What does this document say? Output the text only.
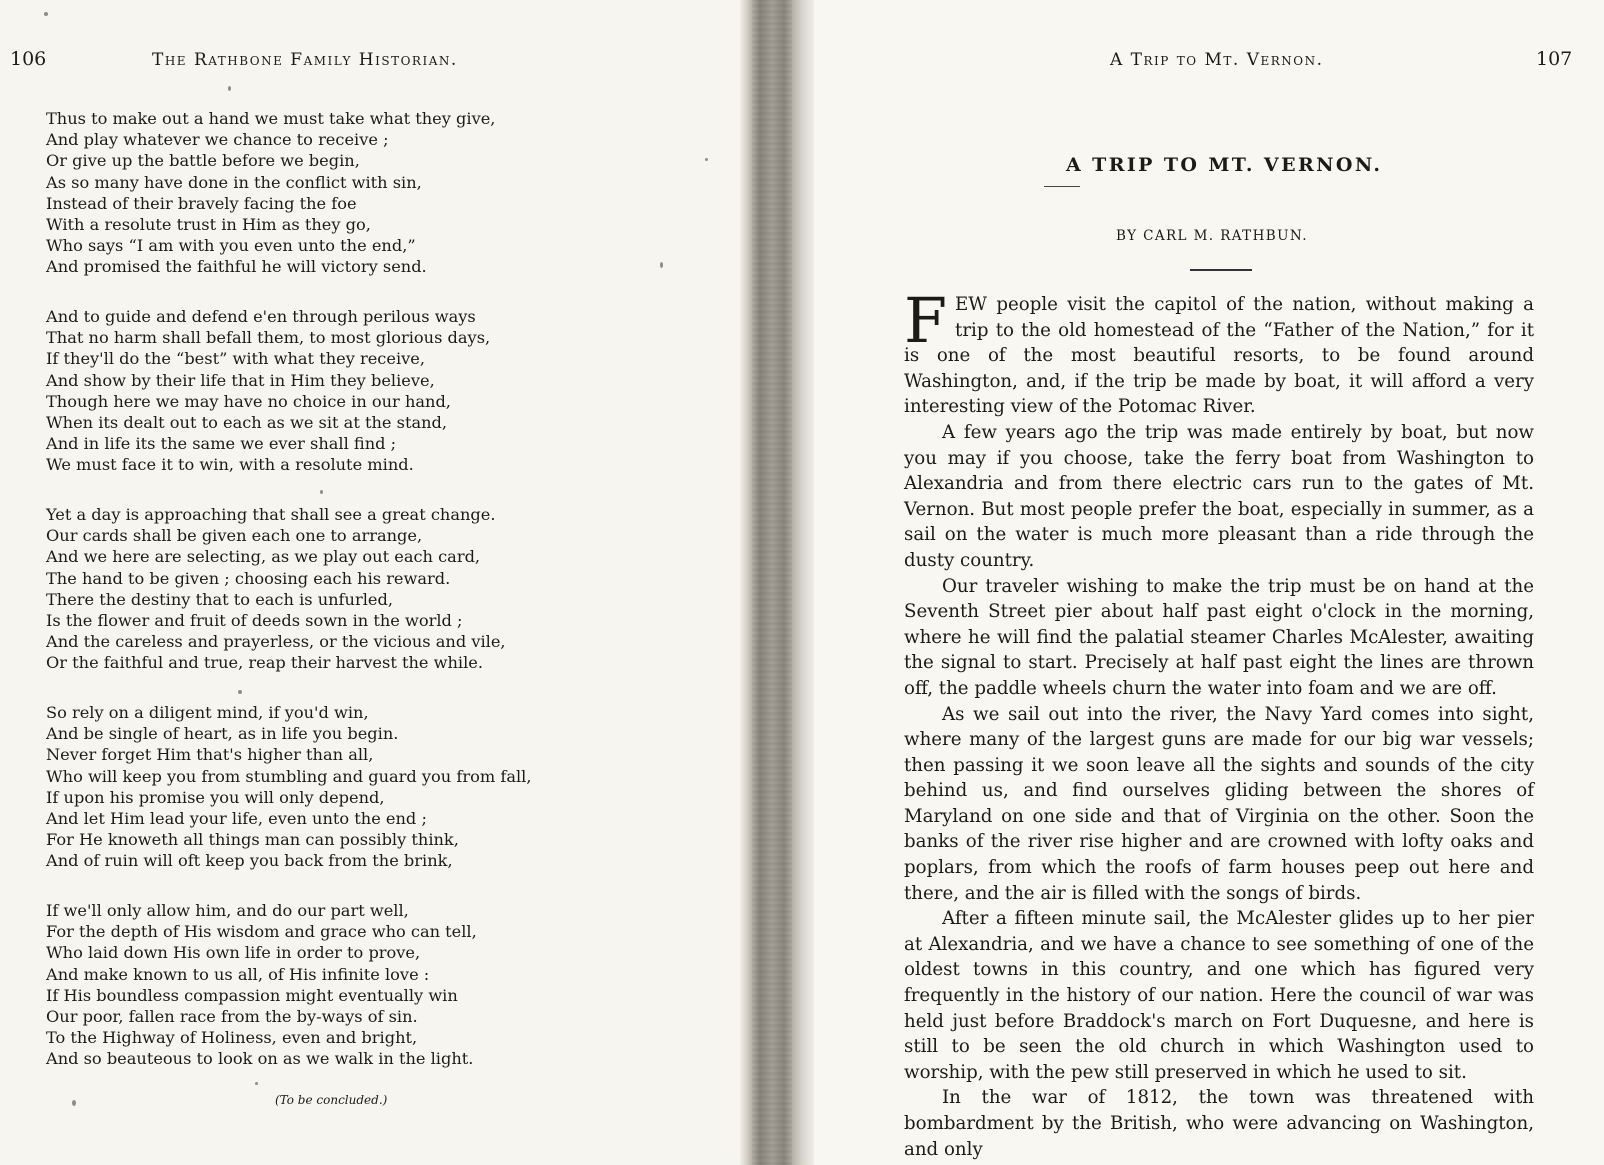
106	The Rathbone Family Historian.
Thus to make out a hand we must take what they give,
And play whatever we chance to receive ;
Or give up the battle before we begin,
As so many have done in the conflict with sin,
Instead of their bravely facing the foe
With a resolute trust in Him as they go,
Who says “I am with you even unto the end,”
And promised the faithful he will victory send.
And to guide and defend e'en through perilous ways
That no harm shall befall them, to most glorious days,
If they'll do the “best” with what they receive,
And show by their life that in Him they believe,
Though here we may have no choice in our hand,
When its dealt out to each as we sit at the stand,
And in life its the same we ever shall find ;
We must face it to win, with a resolute mind.
Yet a day is approaching that shall see a great change.
Our cards shall be given each one to arrange,
And we here are selecting, as we play out each card,
The hand to be given ; choosing each his reward.
There the destiny that to each is unfurled,
Is the flower and fruit of deeds sown in the world ;
And the careless and prayerless, or the vicious and vile,
Or the faithful and true, reap their harvest the while.
So rely on a diligent mind, if you'd win,
And be single of heart, as in life you begin.
Never forget Him that's higher than all,
Who will keep you from stumbling and guard you from fall,
If upon his promise you will only depend,
And let Him lead your life, even unto the end ;
For He knoweth all things man can possibly think,
And of ruin will oft keep you back from the brink,
If we'll only allow him, and do our part well,
For the depth of His wisdom and grace who can tell,
Who laid down His own life in order to prove,
And make known to us all, of His infinite love :
If His boundless compassion might eventually win
Our poor, fallen race from the by-ways of sin.
To the Highway of Holiness, even and bright,
And so beauteous to look on as we walk in the light.
(To be concluded.)
A Trip to Mt. Vernon.	107
A TRIP TO MT. VERNON.
BY CARL M. RATHBUN.

FEW people visit the capitol of the nation, without making a trip to the old homestead of the “Father of the Nation,” for it is one of the most beautiful resorts, to be found around Washington, and, if the trip be made by boat, it will afford a very interesting view of the Potomac River.

A few years ago the trip was made entirely by boat, but now you may if you choose, take the ferry boat from Washington to Alexandria and from there electric cars run to the gates of Mt. Vernon. But most people prefer the boat, especially in summer, as a sail on the water is much more pleasant than a ride through the dusty country.

Our traveler wishing to make the trip must be on hand at the Seventh Street pier about half past eight o'clock in the morning, where he will find the palatial steamer Charles McAlester, awaiting the signal to start. Precisely at half past eight the lines are thrown off, the paddle wheels churn the water into foam and we are off.

As we sail out into the river, the Navy Yard comes into sight, where many of the largest guns are made for our big war vessels; then passing it we soon leave all the sights and sounds of the city behind us, and find ourselves gliding between the shores of Maryland on one side and that of Virginia on the other. Soon the banks of the river rise higher and are crowned with lofty oaks and poplars, from which the roofs of farm houses peep out here and there, and the air is filled with the songs of birds.

After a fifteen minute sail, the McAlester glides up to her pier at Alexandria, and we have a chance to see something of one of the oldest towns in this country, and one which has figured very frequently in the history of our nation. Here the council of war was held just before Braddock's march on Fort Duquesne, and here is still to be seen the old church in which Washington used to worship, with the pew still preserved in which he used to sit.

In the war of 1812, the town was threatened with bombardment by the British, who were advancing on Washington, and only
